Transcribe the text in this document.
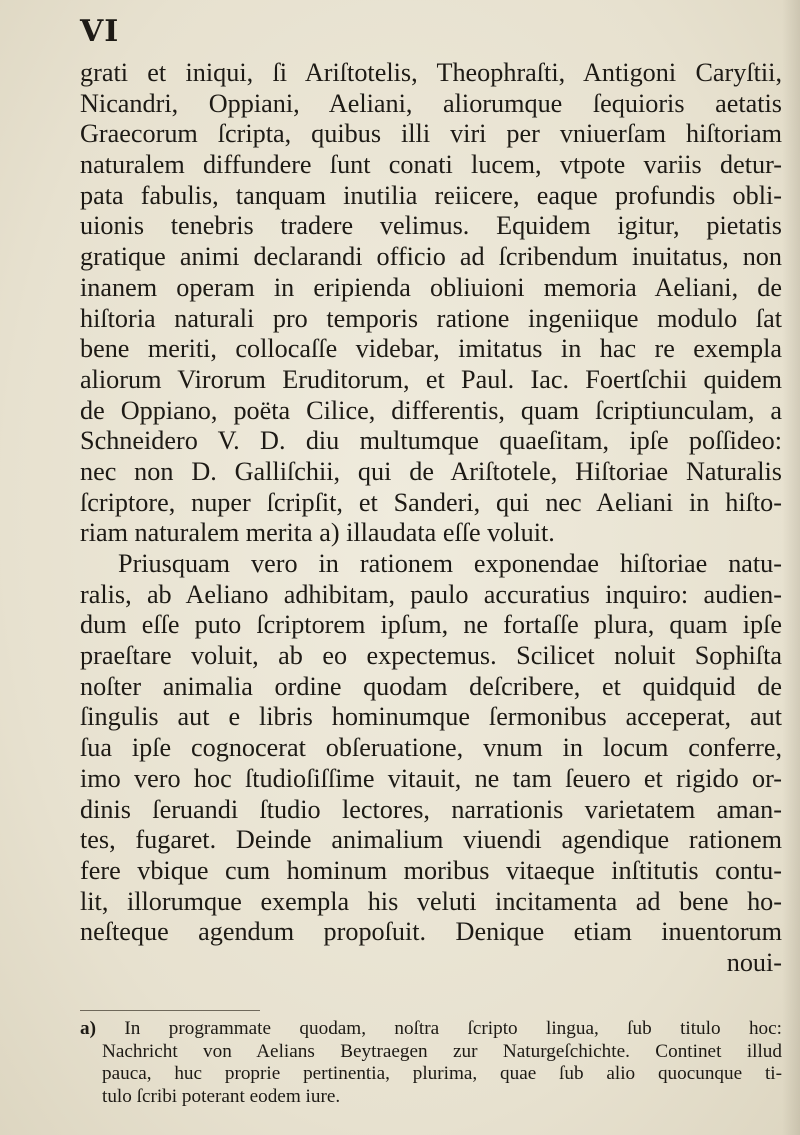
VI
grati et iniqui, ſi Ariſtotelis, Theophraſti, Antigoni Caryſtii,
Nicandri, Oppiani, Aeliani, aliorumque ſequioris aetatis
Graecorum ſcripta, quibus illi viri per vniuerſam hiſtoriam
naturalem diffundere ſunt conati lucem, vtpote variis detur-
pata fabulis, tanquam inutilia reiicere, eaque profundis obli-
uionis tenebris tradere velimus. Equidem igitur, pietatis
gratique animi declarandi officio ad ſcribendum inuitatus, non
inanem operam in eripienda obliuioni memoria Aeliani, de
hiſtoria naturali pro temporis ratione ingeniique modulo ſat
bene meriti, collocaſſe videbar, imitatus in hac re exempla
aliorum Virorum Eruditorum, et Paul. Iac. Foertſchii quidem
de Oppiano, poëta Cilice, differentis, quam ſcriptiunculam, a
Schneidero V. D. diu multumque quaeſitam, ipſe poſſideo:
nec non D. Galliſchii, qui de Ariſtotele, Hiſtoriae Naturalis
ſcriptore, nuper ſcripſit, et Sanderi, qui nec Aeliani in hiſto-
riam naturalem merita a) illaudata eſſe voluit.
Priusquam vero in rationem exponendae hiſtoriae natu-
ralis, ab Aeliano adhibitam, paulo accuratius inquiro: audien-
dum eſſe puto ſcriptorem ipſum, ne fortaſſe plura, quam ipſe
praeſtare voluit, ab eo expectemus. Scilicet noluit Sophiſta
noſter animalia ordine quodam deſcribere, et quidquid de
ſingulis aut e libris hominumque ſermonibus acceperat, aut
ſua ipſe cognocerat obſeruatione, vnum in locum conferre,
imo vero hoc ſtudioſiſſime vitauit, ne tam ſeuero et rigido or-
dinis ſeruandi ſtudio lectores, narrationis varietatem aman-
tes, fugaret. Deinde animalium viuendi agendique rationem
fere vbique cum hominum moribus vitaeque inſtitutis contu-
lit, illorumque exempla his veluti incitamenta ad bene ho-
neſteque agendum propoſuit. Denique etiam inuentorum
noui-
a) In programmate quodam, noſtra ſcripto lingua, ſub titulo hoc:
Nachricht von Aelians Beytraegen zur Naturgeſchichte. Continet illud
pauca, huc proprie pertinentia, plurima, quae ſub alio quocunque ti-
tulo ſcribi poterant eodem iure.
